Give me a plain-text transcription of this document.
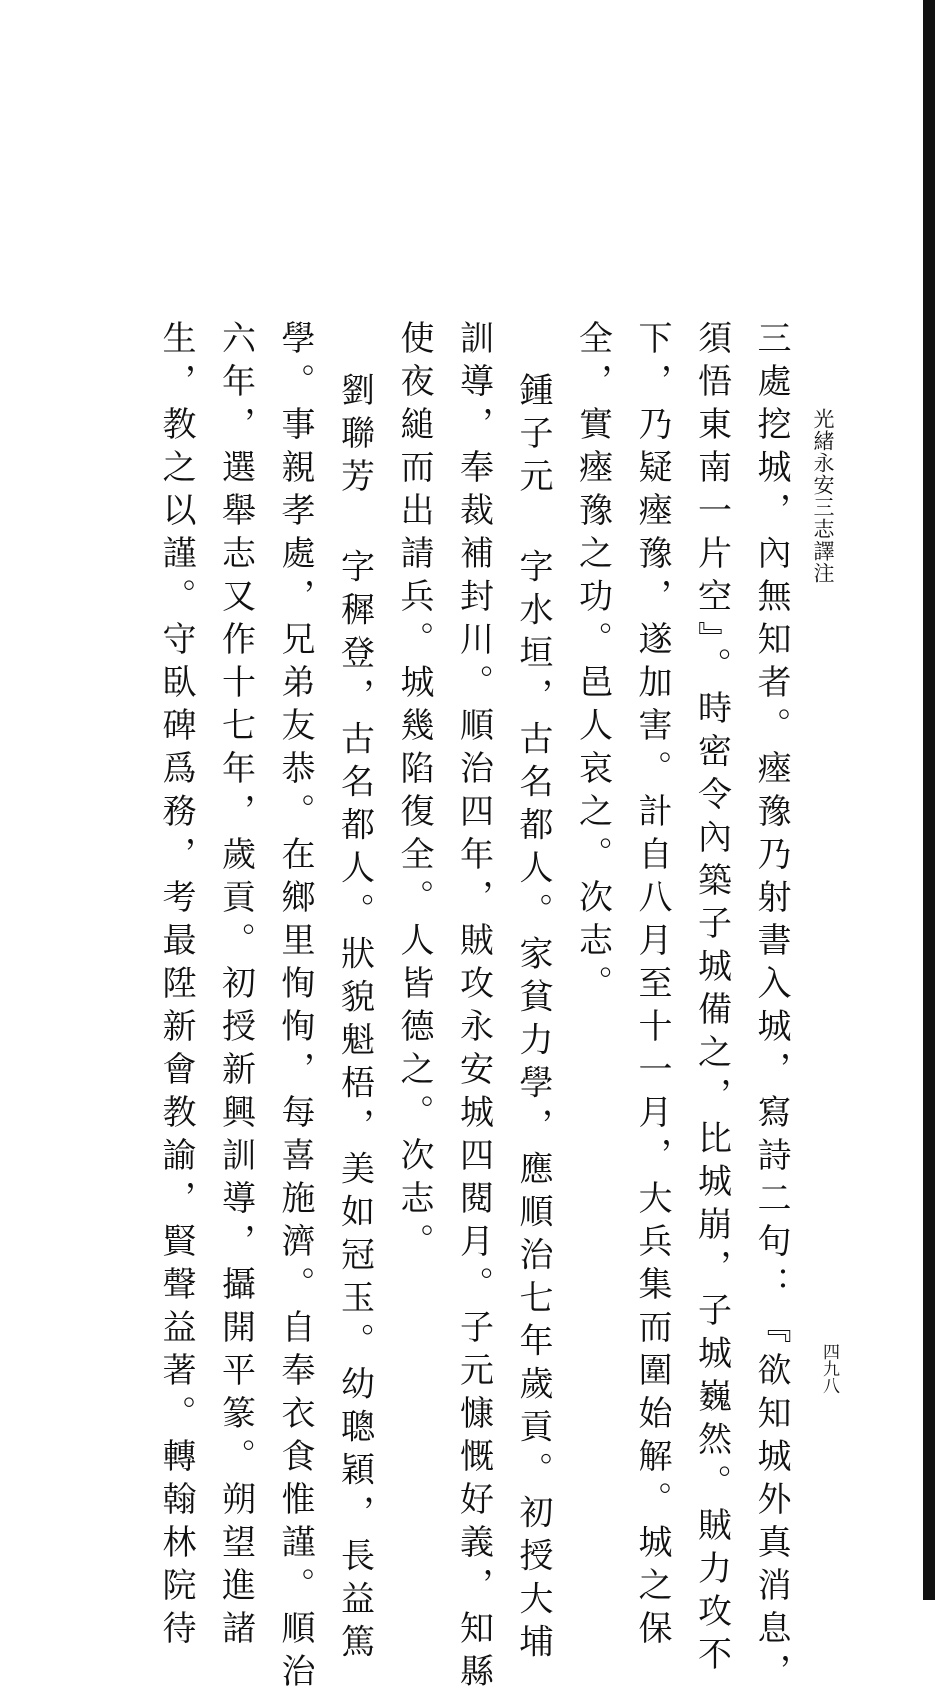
光緒永安三志譯注
四九八
三處挖城，內無知者。瘞豫乃射書入城，寫詩二句：『欲知城外真消息，
須悟東南一片空』。時密令內築子城備之，比城崩，子城巍然。賊力攻不
下，乃疑瘞豫，遂加害。計自八月至十一月，大兵集而圍始解。城之保
全，實瘞豫之功。邑人哀之。次志。
鍾子元字水垣，古名都人。家貧力學，應順治七年歲貢。初授大埔
訓導，奉裁補封川。順治四年，賊攻永安城四閱月。子元慷慨好義，知縣
使夜縋而出請兵。城幾陷復全。人皆德之。次志。
劉聯芳字穉登，古名都人。狀貌魁梧，美如冠玉。幼聰穎，長益篤
學。事親孝處，兄弟友恭。在鄉里恂恂，每喜施濟。自奉衣食惟謹。順治
六年，選舉志又作十七年，歲貢。初授新興訓導，攝開平篆。朔望進諸
生，教之以謹。守臥碑爲務，考最陞新會教諭，賢聲益著。轉翰林院待
